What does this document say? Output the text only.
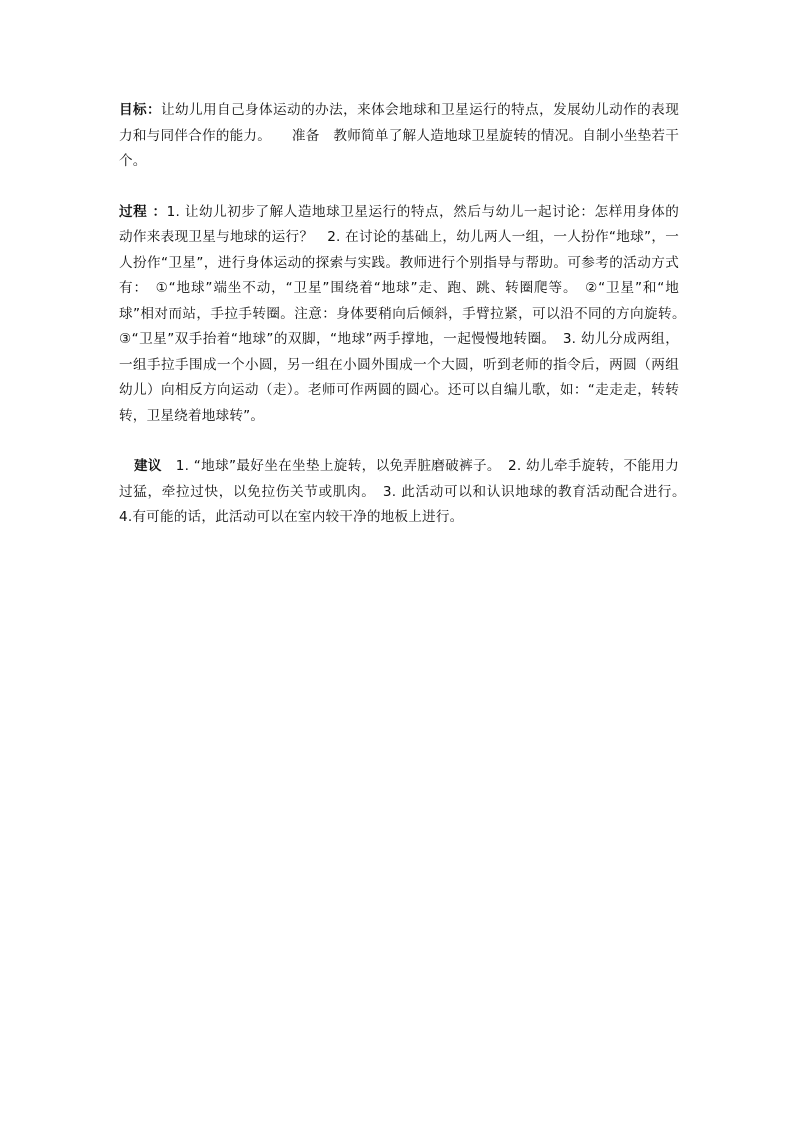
目标：让幼儿用自己身体运动的办法，来体会地球和卫星运行的特点，发展幼儿动作的表现力和与同伴合作的能力。　　准备　教师简单了解人造地球卫星旋转的情况。自制小坐垫若干个。

过程 ：1. 让幼儿初步了解人造地球卫星运行的特点，然后与幼儿一起讨论：怎样用身体的动作来表现卫星与地球的运行？　2. 在讨论的基础上，幼儿两人一组，一人扮作“地球”，一人扮作“卫星”，进行身体运动的探索与实践。教师进行个别指导与帮助。可参考的活动方式有：　①“地球”端坐不动，“卫星”围绕着“地球”走、跑、跳、转圈爬等。　②“卫星”和“地球”相对而站，手拉手转圈。注意：身体要稍向后倾斜，手臂拉紧，可以沿不同的方向旋转。　③“卫星”双手抬着“地球”的双脚，“地球”两手撑地，一起慢慢地转圈。　3. 幼儿分成两组，一组手拉手围成一个小圆，另一组在小圆外围成一个大圆，听到老师的指令后，两圆（两组幼儿）向相反方向运动（走）。老师可作两圆的圆心。还可以自编儿歌，如：“走走走，转转转，卫星绕着地球转”。

建议　1. “地球”最好坐在坐垫上旋转，以免弄脏磨破裤子。　2. 幼儿牵手旋转，不能用力过猛，牵拉过快，以免拉伤关节或肌肉。　3. 此活动可以和认识地球的教育活动配合进行。　4.有可能的话，此活动可以在室内较干净的地板上进行。
